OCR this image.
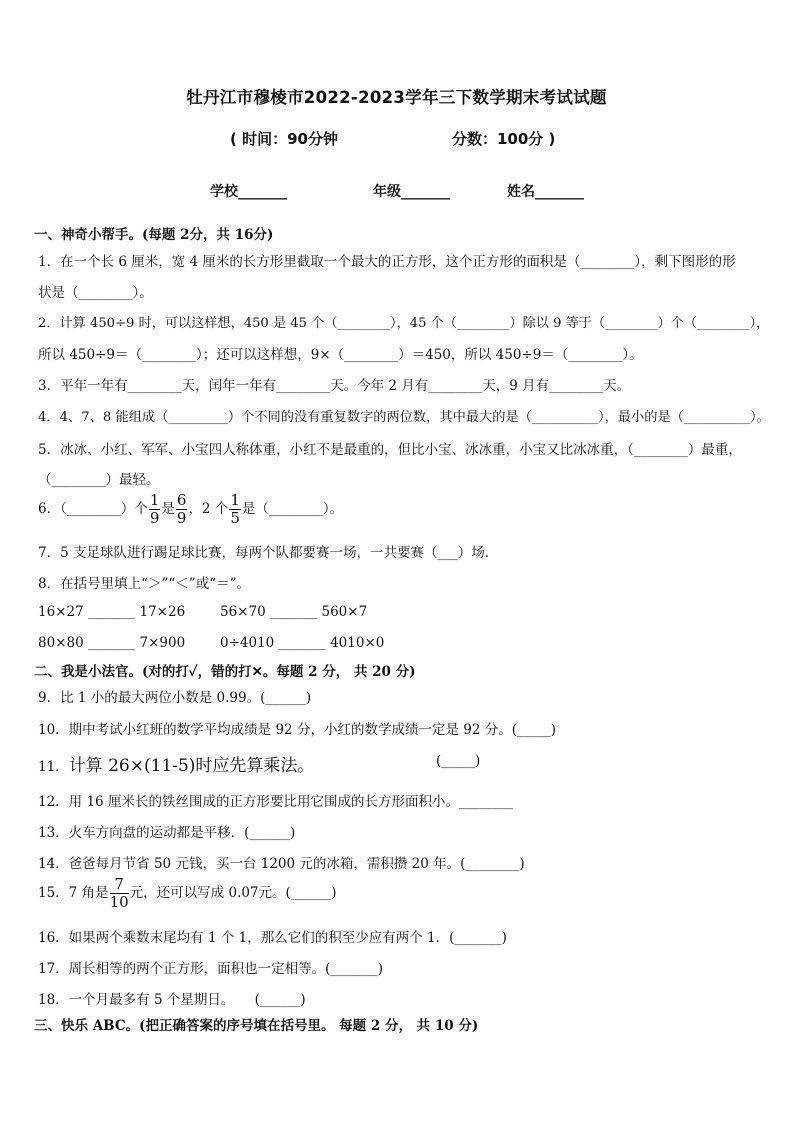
牡丹江市穆棱市2022-2023学年三下数学期末考试试题
( 时间：90分钟	分数：100分 )
学校_______	年级_______	姓名_______
一、神奇小帮手。(每题 2分，共 16分)
1．在一个长 6 厘米，宽 4 厘米的长方形里截取一个最大的正方形，这个正方形的面积是（________），剩下图形的形
状是（________）。
2．计算 450÷9 时，可以这样想，450 是 45 个（________），45 个（________）除以 9 等于（________）个（________），
所以 450÷9＝（________）；还可以这样想，9×（________）＝450，所以 450÷9＝（________）。
3．平年一年有________天，闰年一年有________天。今年 2 月有________天，9 月有________天。
4．4、7、8 能组成（_________）个不同的没有重复数字的两位数，其中最大的是（__________），最小的是（__________）。
5．冰冰、小红、军军、小宝四人称体重，小红不是最重的，但比小宝、冰冰重，小宝又比冰冰重，（________）最重，
（________）最轻。
6．（________）个 $\frac{1}{9}$ 是 $\frac{6}{9}$ ，2 个 $\frac{1}{5}$ 是（________）。
7．5 支足球队进行踢足球比赛，每两个队都要赛一场，一共要赛（___）场.
8．在括号里填上“＞”“＜”或“＝”。
16×27 _______ 17×26	56×70 _______ 560×7
80×80 _______ 7×900	0÷4010 _______ 4010×0
二、我是小法官。(对的打✓，错的打✕。每题 2 分， 共 20 分)
9．比 1 小的最大两位小数是 0.99。(______)
10．期中考试小红班的数学平均成绩是 92 分，小红的数学成绩一定是 92 分。(_____)
11．计算 26×(11-5)时应先算乘法。	(_____)
12．用 16 厘米长的铁丝围成的正方形要比用它围成的长方形面积小。________
13．火车方向盘的运动都是平移．(______)
14．爸爸每月节省 50 元钱，买一台 1200 元的冰箱，需积攒 20 年。(________)
15．7 角是 $\frac{7}{10}$ 元，还可以写成 0.07元。(______)
16．如果两个乘数末尾均有 1 个 1，那么它们的积至少应有两个 1．(_______)
17．周长相等的两个正方形，面积也一定相等。(_______)
18．一个月最多有 5 个星期日。　　(______)
三、快乐 ABC。(把正确答案的序号填在括号里。 每题 2 分， 共 10 分)
